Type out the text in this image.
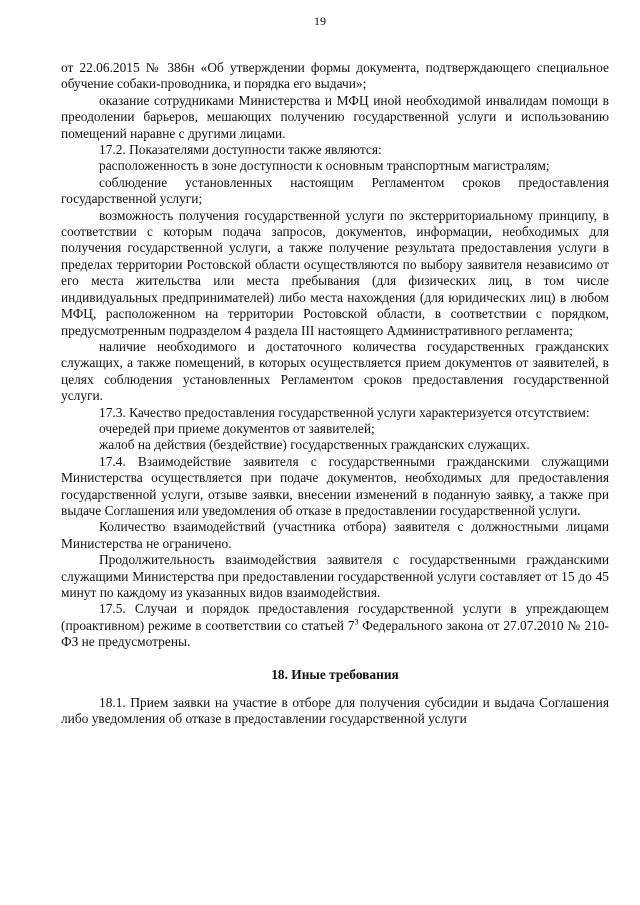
19

от 22.06.2015 № 386н «Об утверждении формы документа, подтверждающего специальное обучение собаки-проводника, и порядка его выдачи»;

оказание сотрудниками Министерства и МФЦ иной необходимой инвалидам помощи в преодолении барьеров, мешающих получению государственной услуги и использованию помещений наравне с другими лицами.

17.2. Показателями доступности также являются:

расположенность в зоне доступности к основным транспортным магистралям;

соблюдение установленных настоящим Регламентом сроков предоставления государственной услуги;

возможность получения государственной услуги по экстерриториальному принципу, в соответствии с которым подача запросов, документов, информации, необходимых для получения государственной услуги, а также получение результата предоставления услуги в пределах территории Ростовской области осуществляются по выбору заявителя независимо от его места жительства или места пребывания (для физических лиц, в том числе индивидуальных предпринимателей) либо места нахождения (для юридических лиц) в любом МФЦ, расположенном на территории Ростовской области, в соответствии с порядком, предусмотренным подразделом 4 раздела III настоящего Административного регламента;

наличие необходимого и достаточного количества государственных гражданских служащих, а также помещений, в которых осуществляется прием документов от заявителей, в целях соблюдения установленных Регламентом сроков предоставления государственной услуги.

17.3. Качество предоставления государственной услуги характеризуется отсутствием:

очередей при приеме документов от заявителей;

жалоб на действия (бездействие) государственных гражданских служащих.

17.4. Взаимодействие заявителя с государственными гражданскими служащими Министерства осуществляется при подаче документов, необходимых для предоставления государственной услуги, отзыве заявки, внесении изменений в поданную заявку, а также при выдаче Соглашения или уведомления об отказе в предоставлении государственной услуги.

Количество взаимодействий (участника отбора) заявителя с должностными лицами Министерства не ограничено.

Продолжительность взаимодействия заявителя с государственными гражданскими служащими Министерства при предоставлении государственной услуги составляет от 15 до 45 минут по каждому из указанных видов взаимодействия.

17.5. Случаи и порядок предоставления государственной услуги в упреждающем (проактивном) режиме в соответствии со статьей $7^3$ Федерального закона от 27.07.2010 № 210-ФЗ не предусмотрены.

18. Иные требования

18.1. Прием заявки на участие в отборе для получения субсидии и выдача Соглашения либо уведомления об отказе в предоставлении государственной услуги
